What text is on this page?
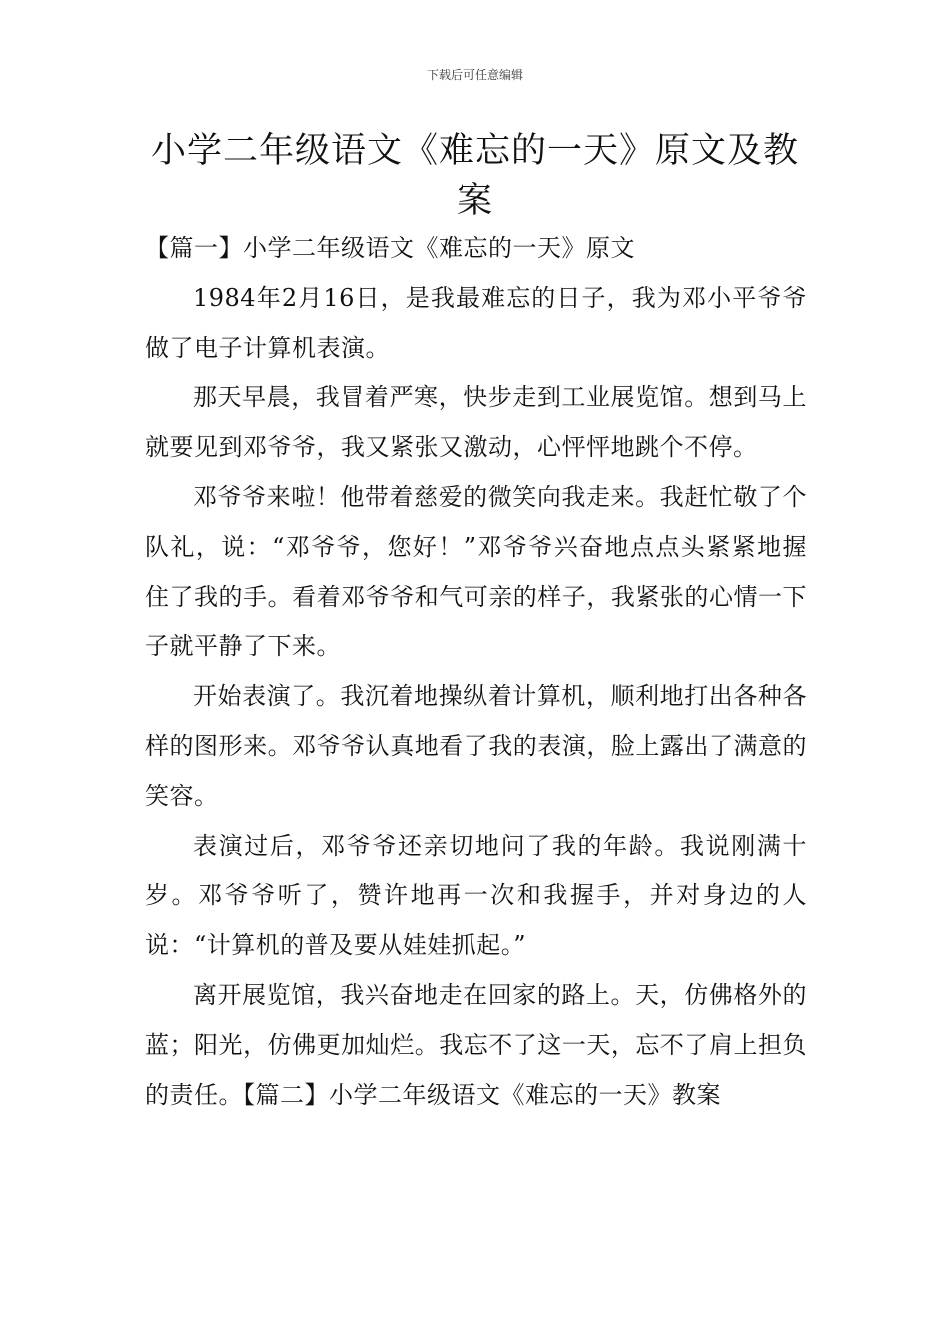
下载后可任意编辑
小学二年级语文《难忘的一天》原文及教案

【篇一】小学二年级语文《难忘的一天》原文

1984年2月16日，是我最难忘的日子，我为邓小平爷爷做了电子计算机表演。

那天早晨，我冒着严寒，快步走到工业展览馆。想到马上就要见到邓爷爷，我又紧张又激动，心怦怦地跳个不停。

邓爷爷来啦！他带着慈爱的微笑向我走来。我赶忙敬了个队礼，说：“邓爷爷，您好！”邓爷爷兴奋地点点头紧紧地握住了我的手。看着邓爷爷和气可亲的样子，我紧张的心情一下子就平静了下来。

开始表演了。我沉着地操纵着计算机，顺利地打出各种各样的图形来。邓爷爷认真地看了我的表演，脸上露出了满意的笑容。

表演过后，邓爷爷还亲切地问了我的年龄。我说刚满十岁。邓爷爷听了，赞许地再一次和我握手，并对身边的人说：“计算机的普及要从娃娃抓起。”

离开展览馆，我兴奋地走在回家的路上。天，仿佛格外的蓝；阳光，仿佛更加灿烂。我忘不了这一天，忘不了肩上担负的责任。【篇二】小学二年级语文《难忘的一天》教案
